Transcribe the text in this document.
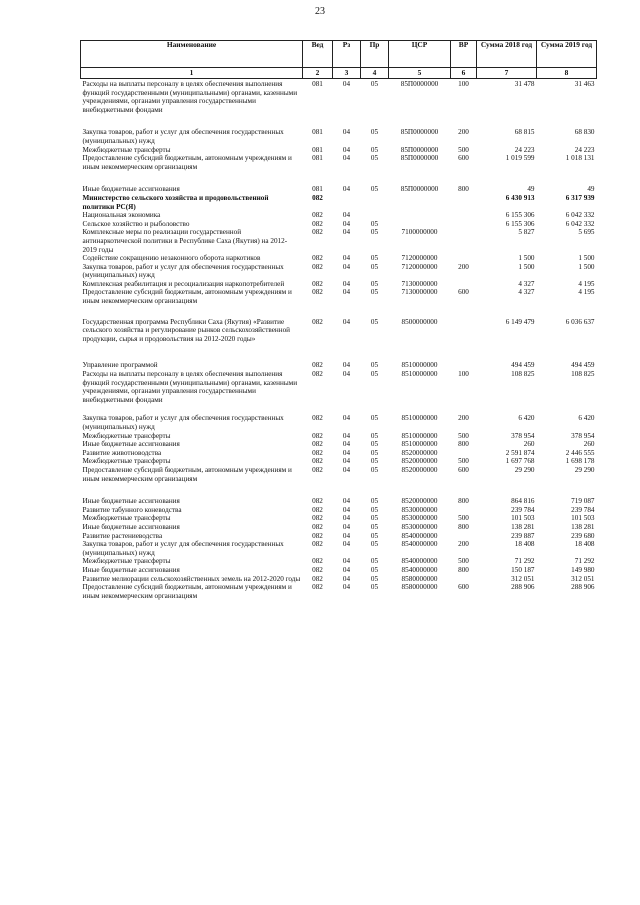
23
Наименование	Вед	Рз	Пр	ЦСР	ВР	Сумма 2018 год	Сумма 2019 год
1	2	3	4	5	6	7	8
Расходы на выплаты персоналу в целях обеспечения выполнения функций государственными (муниципальными) органами, казенными учреждениями, органами управления государственными внебюджетными фондами	081	04	05	85П0000000	100	31 478	31 463
Закупка товаров, работ и услуг для обеспечения государственных (муниципальных) нужд	081	04	05	85П0000000	200	68 815	68 830
Межбюджетные трансферты	081	04	05	85П0000000	500	24 223	24 223
Предоставление субсидий бюджетным, автономным учреждениям и иным некоммерческим организациям	081	04	05	85П0000000	600	1 019 599	1 018 131
Иные бюджетные ассигнования	081	04	05	85П0000000	800	49	49
Министерство сельского хозяйства и продовольственной политики РС(Я)	082					6 430 913	6 317 939
Национальная экономика	082	04				6 155 306	6 042 332
Сельское хозяйство и рыболовство	082	04	05			6 155 306	6 042 332
Комплексные меры по реализации государственной антинаркотической политики в Республике Саха (Якутия) на 2012-2019 годы	082	04	05	7100000000		5 827	5 695
Содействие сокращению незаконного оборота наркотиков	082	04	05	7120000000		1 500	1 500
Закупка товаров, работ и услуг для обеспечения государственных (муниципальных) нужд	082	04	05	7120000000	200	1 500	1 500
Комплексная реабилитация и ресоциализация наркопотребителей	082	04	05	7130000000		4 327	4 195
Предоставление субсидий бюджетным, автономным учреждениям и иным некоммерческим организациям	082	04	05	7130000000	600	4 327	4 195
Государственная программа Республики Саха (Якутия) «Развитие сельского хозяйства и регулирование рынков сельскохозяйственной продукции, сырья и продовольствия на 2012-2020 годы»	082	04	05	8500000000		6 149 479	6 036 637
Управление программой	082	04	05	8510000000		494 459	494 459
Расходы на выплаты персоналу в целях обеспечения выполнения функций государственными (муниципальными) органами, казенными учреждениями, органами управления государственными внебюджетными фондами	082	04	05	8510000000	100	108 825	108 825
Закупка товаров, работ и услуг для обеспечения государственных (муниципальных) нужд	082	04	05	8510000000	200	6 420	6 420
Межбюджетные трансферты	082	04	05	8510000000	500	378 954	378 954
Иные бюджетные ассигнования	082	04	05	8510000000	800	260	260
Развитие животноводства	082	04	05	8520000000		2 591 874	2 446 555
Межбюджетные трансферты	082	04	05	8520000000	500	1 697 768	1 698 178
Предоставление субсидий бюджетным, автономным учреждениям и иным некоммерческим организациям	082	04	05	8520000000	600	29 290	29 290
Иные бюджетные ассигнования	082	04	05	8520000000	800	864 816	719 087
Развитие табунного коневодства	082	04	05	8530000000		239 784	239 784
Межбюджетные трансферты	082	04	05	8530000000	500	101 503	101 503
Иные бюджетные ассигнования	082	04	05	8530000000	800	138 281	138 281
Развитие растениеводства	082	04	05	8540000000		239 887	239 680
Закупка товаров, работ и услуг для обеспечения государственных (муниципальных) нужд	082	04	05	8540000000	200	18 408	18 408
Межбюджетные трансферты	082	04	05	8540000000	500	71 292	71 292
Иные бюджетные ассигнования	082	04	05	8540000000	800	150 187	149 980
Развитие мелиорации сельскохозяйственных земель на 2012-2020 годы	082	04	05	8580000000		312 051	312 051
Предоставление субсидий бюджетным, автономным учреждениям и иным некоммерческим организациям	082	04	05	8580000000	600	288 906	288 906
